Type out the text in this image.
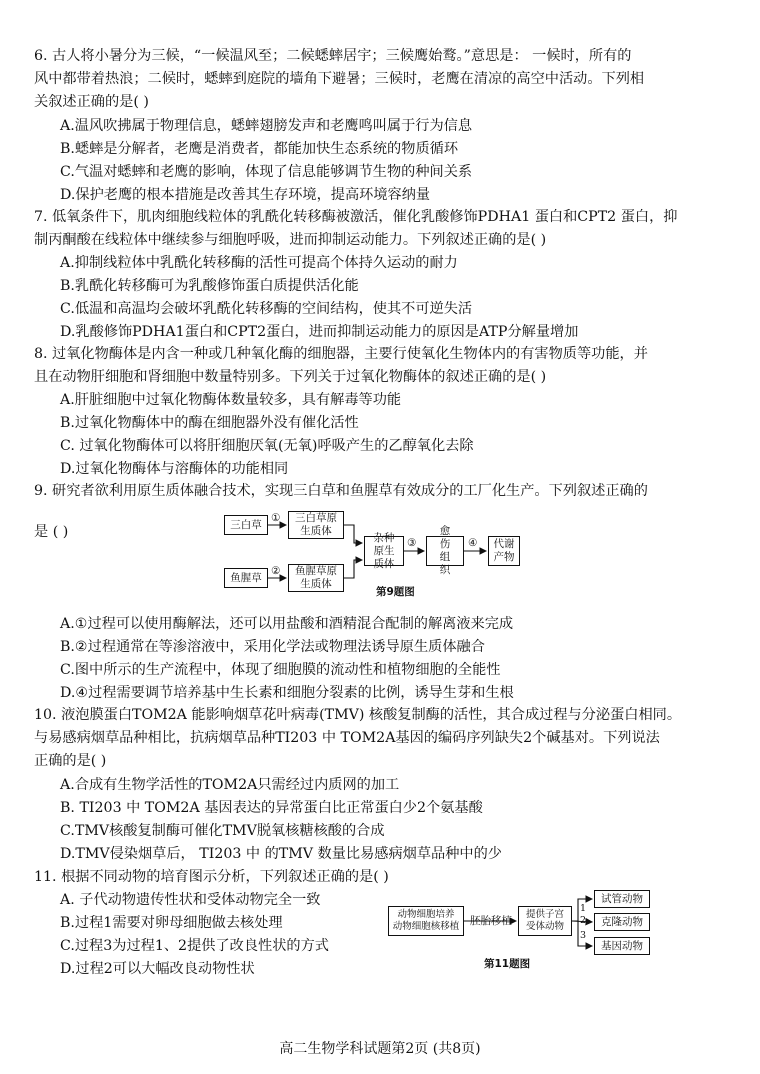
6. 古人将小暑分为三候，“一候温风至；二候蟋蟀居宇；三候鹰始鹜。”意思是： 一候时，所有的
风中都带着热浪；二候时，蟋蟀到庭院的墙角下避暑；三候时，老鹰在清凉的高空中活动。下列相
关叙述正确的是( )
A.温风吹拂属于物理信息，蟋蟀翅膀发声和老鹰鸣叫属于行为信息
B.蟋蟀是分解者，老鹰是消费者，都能加快生态系统的物质循环
C.气温对蟋蟀和老鹰的影响，体现了信息能够调节生物的种间关系
D.保护老鹰的根本措施是改善其生存环境，提高环境容纳量
7. 低氧条件下，肌肉细胞线粒体的乳酰化转移酶被激活，催化乳酸修饰PDHA1 蛋白和CPT2 蛋白，抑
制丙酮酸在线粒体中继续参与细胞呼吸，进而抑制运动能力。下列叙述正确的是( )
A.抑制线粒体中乳酰化转移酶的活性可提高个体持久运动的耐力
B.乳酰化转移酶可为乳酸修饰蛋白质提供活化能
C.低温和高温均会破坏乳酰化转移酶的空间结构，使其不可逆失活
D.乳酸修饰PDHA1蛋白和CPT2蛋白，进而抑制运动能力的原因是ATP分解量增加
8. 过氧化物酶体是内含一种或几种氧化酶的细胞器，主要行使氧化生物体内的有害物质等功能，并
且在动物肝细胞和肾细胞中数量特别多。下列关于过氧化物酶体的叙述正确的是( )
A.肝脏细胞中过氧化物酶体数量较多，具有解毒等功能
B.过氧化物酶体中的酶在细胞器外没有催化活性
C. 过氧化物酶体可以将肝细胞厌氧(无氧)呼吸产生的乙醇氧化去除
D.过氧化物酶体与溶酶体的功能相同
9. 研究者欲利用原生质体融合技术，实现三白草和鱼腥草有效成分的工厂化生产。下列叙述正确的
是 ( )	三白草
三白草原生质体
鱼腥草
鱼腥草原生质体
杂种原生质体
愈伤组织
代谢产物
①
②
③	④
第9题图
A.①过程可以使用酶解法，还可以用盐酸和酒精混合配制的解离液来完成
B.②过程通常在等渗溶液中，采用化学法或物理法诱导原生质体融合
C.图中所示的生产流程中，体现了细胞膜的流动性和植物细胞的全能性
D.④过程需要调节培养基中生长素和细胞分裂素的比例，诱导生芽和生根
10. 液泡膜蛋白TOM2A 能影响烟草花叶病毒(TMV) 核酸复制酶的活性，其合成过程与分泌蛋白相同。
与易感病烟草品种相比，抗病烟草品种TI203 中 TOM2A基因的编码序列缺失2个碱基对。下列说法
正确的是( )
A.合成有生物学活性的TOM2A只需经过内质网的加工
B. TI203 中 TOM2A 基因表达的异常蛋白比正常蛋白少2个氨基酸
C.TMV核酸复制酶可催化TMV脱氧核糖核酸的合成
D.TMV侵染烟草后， TI203 中 的TMV 数量比易感病烟草品种中的少
11. 根据不同动物的培育图示分析，下列叙述正确的是( )
A. 子代动物遗传性状和受体动物完全一致
B.过程1需要对卵母细胞做去核处理
C.过程3为过程1、2提供了改良性状的方式
D.过程2可以大幅改良动物性状
动物细胞培养
动物细胞核移植 胚胎移植
提供子宫受体动物
1
2
3
试管动物
克隆动物
基因动物
第11题图
高二生物学科试题第2页 (共8页)
